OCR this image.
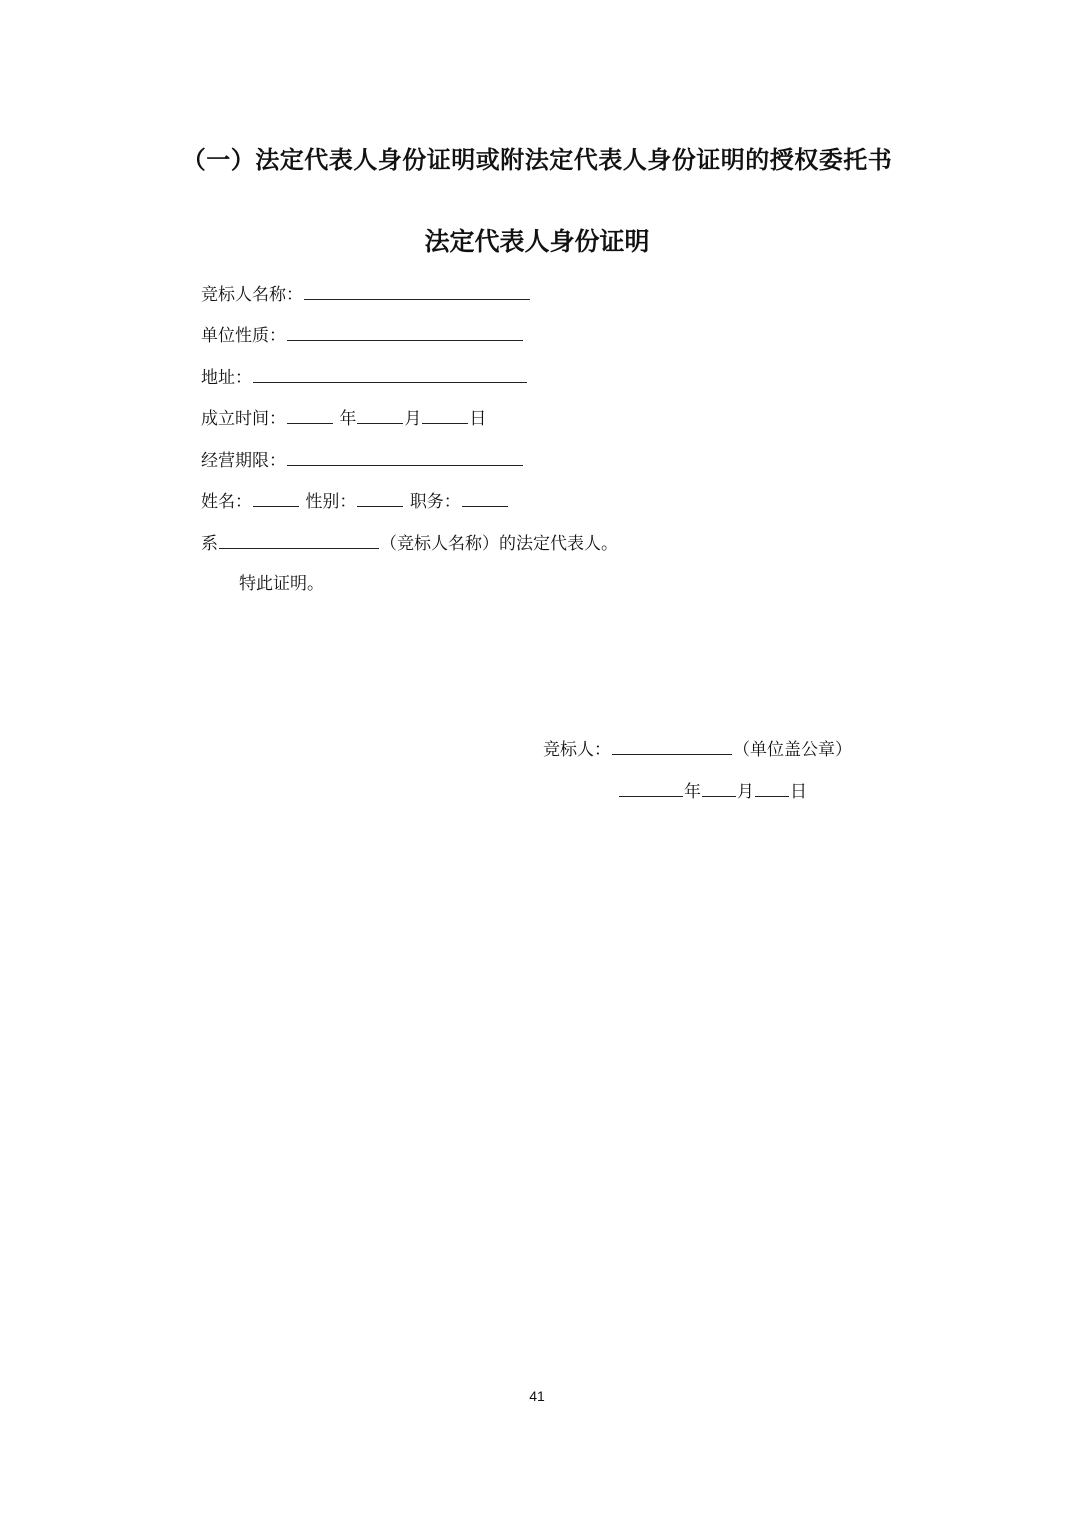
（一）法定代表人身份证明或附法定代表人身份证明的授权委托书
法定代表人身份证明
竞标人名称：
单位性质：
地址：
成立时间：	年	月	日
经营期限：
姓名：	性别：	职务：
系	（竞标人名称）的法定代表人。
特此证明。
竞标人：	（单位盖公章）
年 月 日
41
